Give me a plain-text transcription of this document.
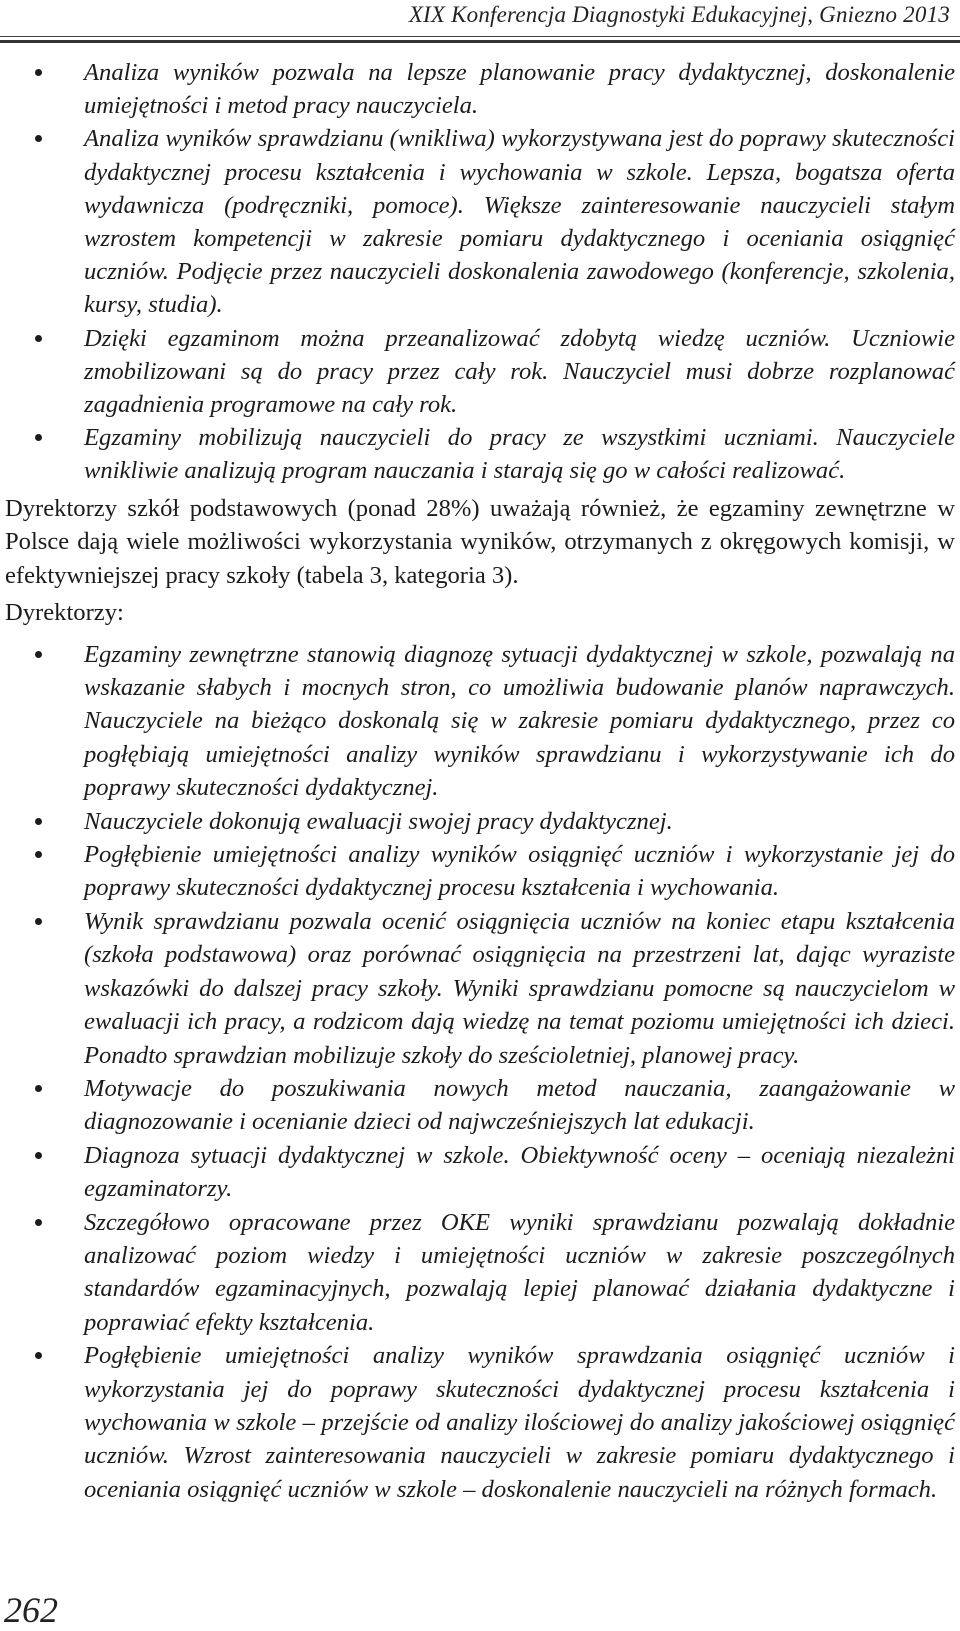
XIX Konferencja Diagnostyki Edukacyjnej, Gniezno 2013
Analiza wyników pozwala na lepsze planowanie pracy dydaktycznej, doskonalenie umiejętności i metod pracy nauczyciela.
Analiza wyników sprawdzianu (wnikliwa) wykorzystywana jest do poprawy skuteczności dydaktycznej procesu kształcenia i wychowania w szkole. Lepsza, bogatsza oferta wydawnicza (podręczniki, pomoce). Większe zainteresowanie nauczycieli stałym wzrostem kompetencji w zakresie pomiaru dydaktycznego i oceniania osiągnięć uczniów. Podjęcie przez nauczycieli doskonalenia zawodowego (konferencje, szkolenia, kursy, studia).
Dzięki egzaminom można przeanalizować zdobytą wiedzę uczniów. Uczniowie zmobilizowani są do pracy przez cały rok. Nauczyciel musi dobrze rozplanować zagadnienia programowe na cały rok.
Egzaminy mobilizują nauczycieli do pracy ze wszystkimi uczniami. Nauczyciele wnikliwie analizują program nauczania i starają się go w całości realizować.

Dyrektorzy szkół podstawowych (ponad 28%) uważają również, że egzaminy zewnętrzne w Polsce dają wiele możliwości wykorzystania wyników, otrzymanych z okręgowych komisji, w efektywniejszej pracy szkoły (tabela 3, kategoria 3).

Dyrektorzy:

Egzaminy zewnętrzne stanowią diagnozę sytuacji dydaktycznej w szkole, pozwalają na wskazanie słabych i mocnych stron, co umożliwia budowanie planów naprawczych. Nauczyciele na bieżąco doskonalą się w zakresie pomiaru dydaktycznego, przez co pogłębiają umiejętności analizy wyników sprawdzianu i wykorzystywanie ich do poprawy skuteczności dydaktycznej.
Nauczyciele dokonują ewaluacji swojej pracy dydaktycznej.
Pogłębienie umiejętności analizy wyników osiągnięć uczniów i wykorzystanie jej do poprawy skuteczności dydaktycznej procesu kształcenia i wychowania.
Wynik sprawdzianu pozwala ocenić osiągnięcia uczniów na koniec etapu kształcenia (szkoła podstawowa) oraz porównać osiągnięcia na przestrzeni lat, dając wyraziste wskazówki do dalszej pracy szkoły. Wyniki sprawdzianu pomocne są nauczycielom w ewaluacji ich pracy, a rodzicom dają wiedzę na temat poziomu umiejętności ich dzieci. Ponadto sprawdzian mobilizuje szkoły do sześcioletniej, planowej pracy.
Motywacje do poszukiwania nowych metod nauczania, zaangażowanie w diagnozowanie i ocenianie dzieci od najwcześniejszych lat edukacji.
Diagnoza sytuacji dydaktycznej w szkole. Obiektywność oceny – oceniają niezależni egzaminatorzy.
Szczegółowo opracowane przez OKE wyniki sprawdzianu pozwalają dokładnie analizować poziom wiedzy i umiejętności uczniów w zakresie poszczególnych standardów egzaminacyjnych, pozwalają lepiej planować działania dydaktyczne i poprawiać efekty kształcenia.
Pogłębienie umiejętności analizy wyników sprawdzania osiągnięć uczniów i wykorzystania jej do poprawy skuteczności dydaktycznej procesu kształcenia i wychowania w szkole – przejście od analizy ilościowej do analizy jakościowej osiągnięć uczniów. Wzrost zainteresowania nauczycieli w zakresie pomiaru dydaktycznego i oceniania osiągnięć uczniów w szkole – doskonalenie nauczycieli na różnych formach.
262
